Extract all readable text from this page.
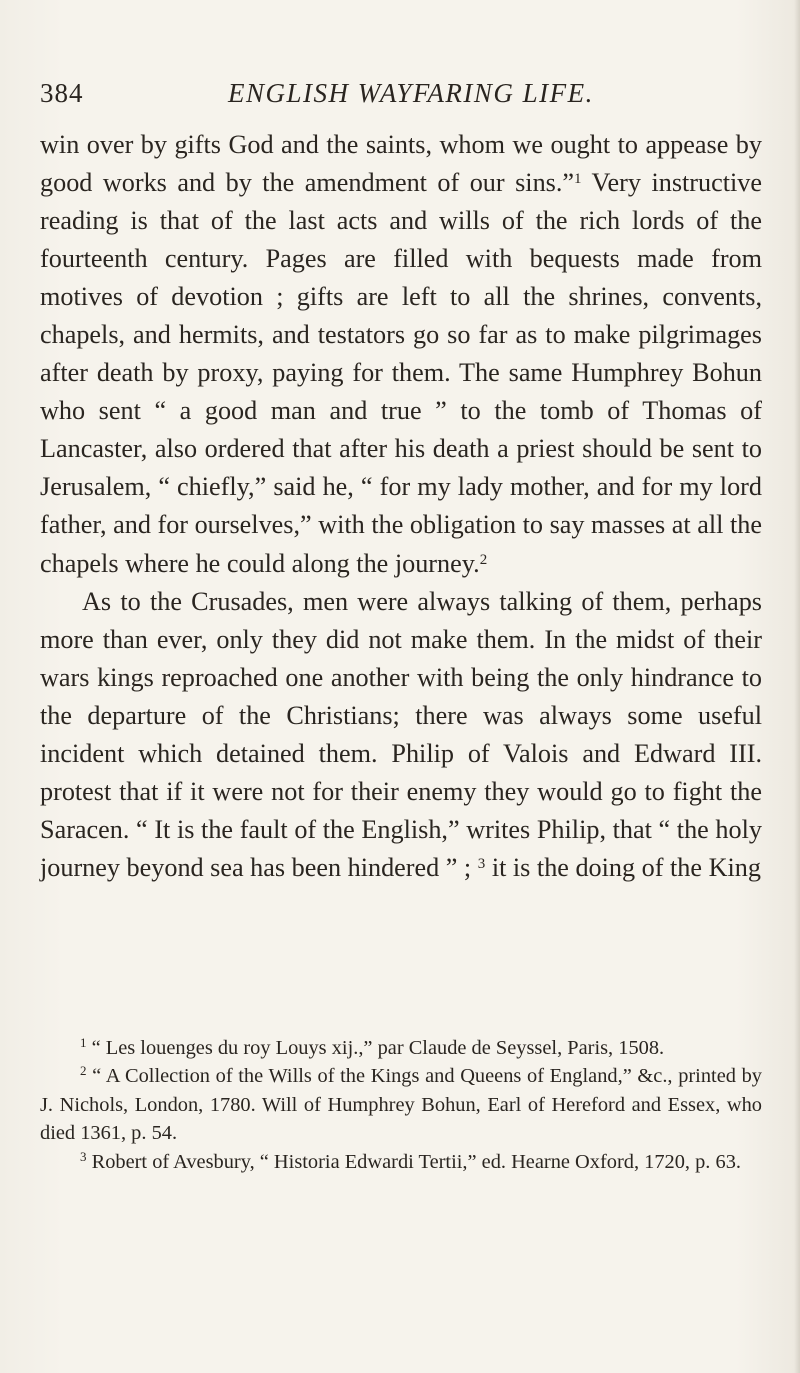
384	ENGLISH WAYFARING LIFE.

win over by gifts God and the saints, whom we ought to appease by good works and by the amendment of our sins.”$^1$ Very instructive reading is that of the last acts and wills of the rich lords of the fourteenth century. Pages are filled with bequests made from motives of devotion ; gifts are left to all the shrines, convents, chapels, and hermits, and testators go so far as to make pilgrimages after death by proxy, paying for them. The same Humphrey Bohun who sent “ a good man and true ” to the tomb of Thomas of Lancaster, also ordered that after his death a priest should be sent to Jerusalem, “ chiefly,” said he, “ for my lady mother, and for my lord father, and for ourselves,” with the obligation to say masses at all the chapels where he could along the journey.$^2$

As to the Crusades, men were always talking of them, perhaps more than ever, only they did not make them. In the midst of their wars kings reproached one another with being the only hindrance to the departure of the Christians; there was always some useful incident which detained them. Philip of Valois and Edward III. protest that if it were not for their enemy they would go to fight the Saracen. “ It is the fault of the English,” writes Philip, that “ the holy journey beyond sea has been hindered ” ; $^3$ it is the doing of the King

$^1$ “ Les louenges du roy Louys xij.,” par Claude de Seyssel, Paris, 1508.

$^2$ “ A Collection of the Wills of the Kings and Queens of England,” &c., printed by J. Nichols, London, 1780. Will of Humphrey Bohun, Earl of Hereford and Essex, who died 1361, p. 54.

$^3$ Robert of Avesbury, “ Historia Edwardi Tertii,” ed. Hearne Oxford, 1720, p. 63.
